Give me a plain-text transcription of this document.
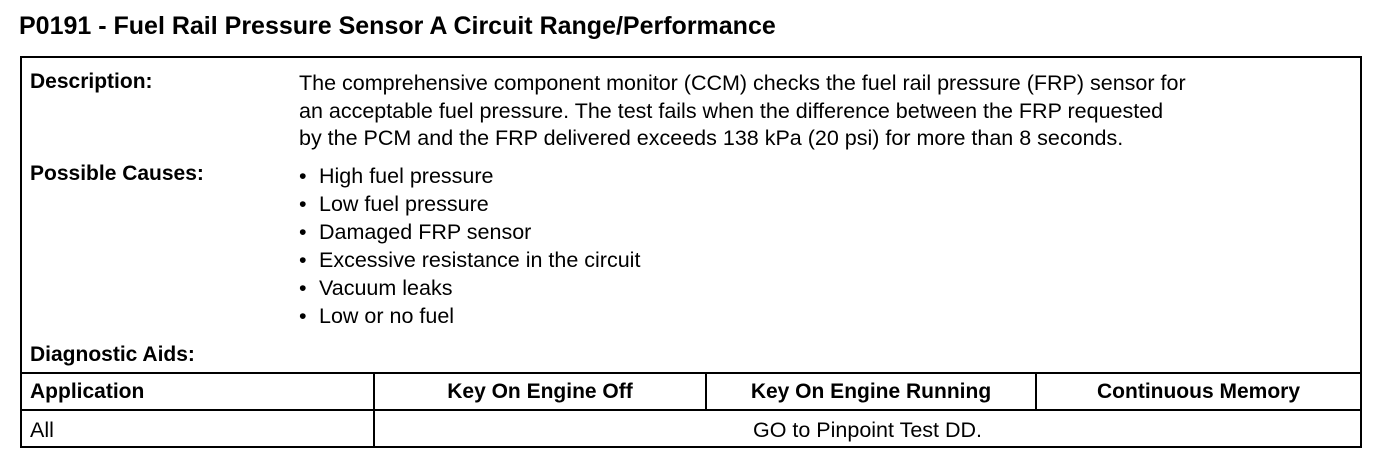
P0191 - Fuel Rail Pressure Sensor A Circuit Range/Performance
Description:	The comprehensive component monitor (CCM) checks the fuel rail pressure (FRP) sensor for
an acceptable fuel pressure. The test fails when the difference between the FRP requested
by the PCM and the FRP delivered exceeds 138 kPa (20 psi) for more than 8 seconds.
Possible Causes:	• High fuel pressure
• Low fuel pressure
• Damaged FRP sensor
• Excessive resistance in the circuit
• Vacuum leaks
• Low or no fuel
Diagnostic Aids:
Application	Key On Engine Off	Key On Engine Running	Continuous Memory
All	GO to Pinpoint Test DD.
